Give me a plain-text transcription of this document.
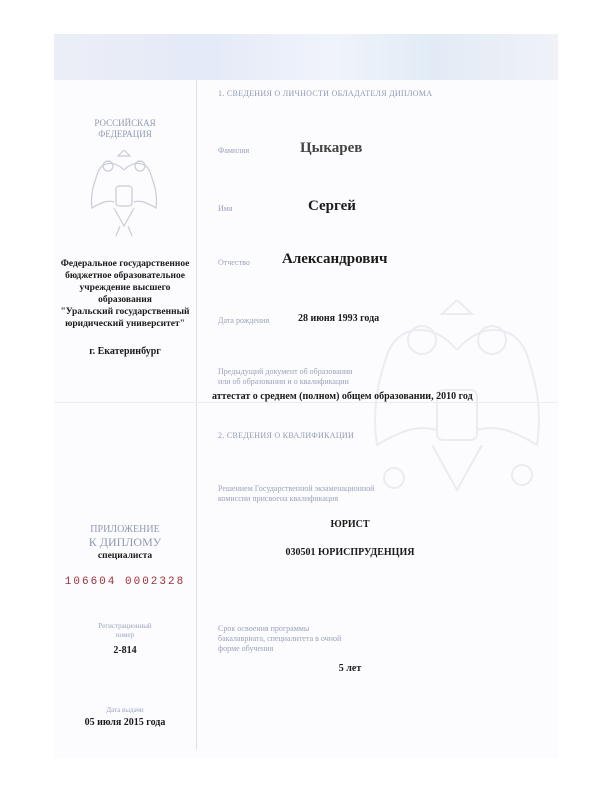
РОССИЙСКАЯ
ФЕДЕРАЦИЯ
Федеральное государственное
бюджетное образовательное
учреждение высшего
образования
"Уральский государственный
юридический университет"
г. Екатеринбург
ПРИЛОЖЕНИЕ
К ДИПЛОМУ
специалиста
106604 0002328
Регистрационный
номер
2-814
Дата выдачи
05 июля 2015 года
1. СВЕДЕНИЯ О ЛИЧНОСТИ ОБЛАДАТЕЛЯ ДИПЛОМА
Фамилия	Цыкарев
Имя	Сергей
Отчество Александрович
Дата рождения	28 июня 1993 года
Предыдущий документ об образовании
или об образовании и о квалификации
аттестат о среднем (полном) общем образовании, 2010 год
2. СВЕДЕНИЯ О КВАЛИФИКАЦИИ
Решением Государственной экзаменационной
комиссии присвоена квалификация
ЮРИСТ
030501 ЮРИСПРУДЕНЦИЯ
Срок освоения программы
бакалавриата, специалитета в очной
форме обучения
5 лет
